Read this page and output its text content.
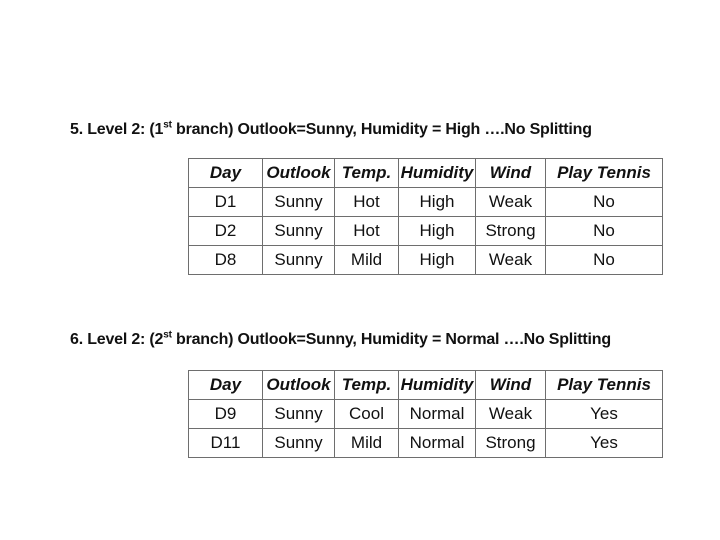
5. Level 2: (1st branch) Outlook=Sunny, Humidity = High ….No Splitting
Day	Outlook	Temp.	Humidity	Wind	Play Tennis
D1	Sunny	Hot	High	Weak	No
D2	Sunny	Hot	High	Strong	No
D8	Sunny	Mild	High	Weak	No
6. Level 2: (2st branch) Outlook=Sunny, Humidity = Normal ….No Splitting
Day	Outlook	Temp.	Humidity	Wind	Play Tennis
D9	Sunny	Cool	Normal	Weak	Yes
D11	Sunny	Mild	Normal	Strong	Yes
